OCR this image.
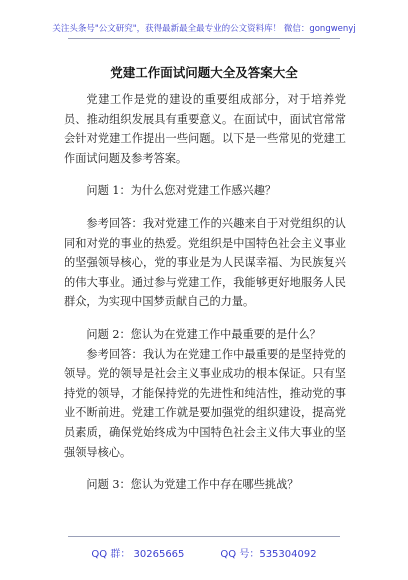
关注头条号"公文研究"，获得最新最全最专业的公文资料库！ 微信：gongwenyj
党建工作面试问题大全及答案大全

党建工作是党的建设的重要组成部分，对于培养党员、推动组织发展具有重要意义。在面试中，面试官常常会针对党建工作提出一些问题。以下是一些常见的党建工作面试问题及参考答案。

问题 1：为什么您对党建工作感兴趣？

参考回答：我对党建工作的兴趣来自于对党组织的认同和对党的事业的热爱。党组织是中国特色社会主义事业的坚强领导核心，党的事业是为人民谋幸福、为民族复兴的伟大事业。通过参与党建工作，我能够更好地服务人民群众，为实现中国梦贡献自己的力量。

问题 2：您认为在党建工作中最重要的是什么？

参考回答：我认为在党建工作中最重要的是坚持党的领导。党的领导是社会主义事业成功的根本保证。只有坚持党的领导，才能保持党的先进性和纯洁性，推动党的事业不断前进。党建工作就是要加强党的组织建设，提高党员素质，确保党始终成为中国特色社会主义伟大事业的坚强领导核心。

问题 3：您认为党建工作中存在哪些挑战？

QQ 群： 30265665	QQ 号：535304092
